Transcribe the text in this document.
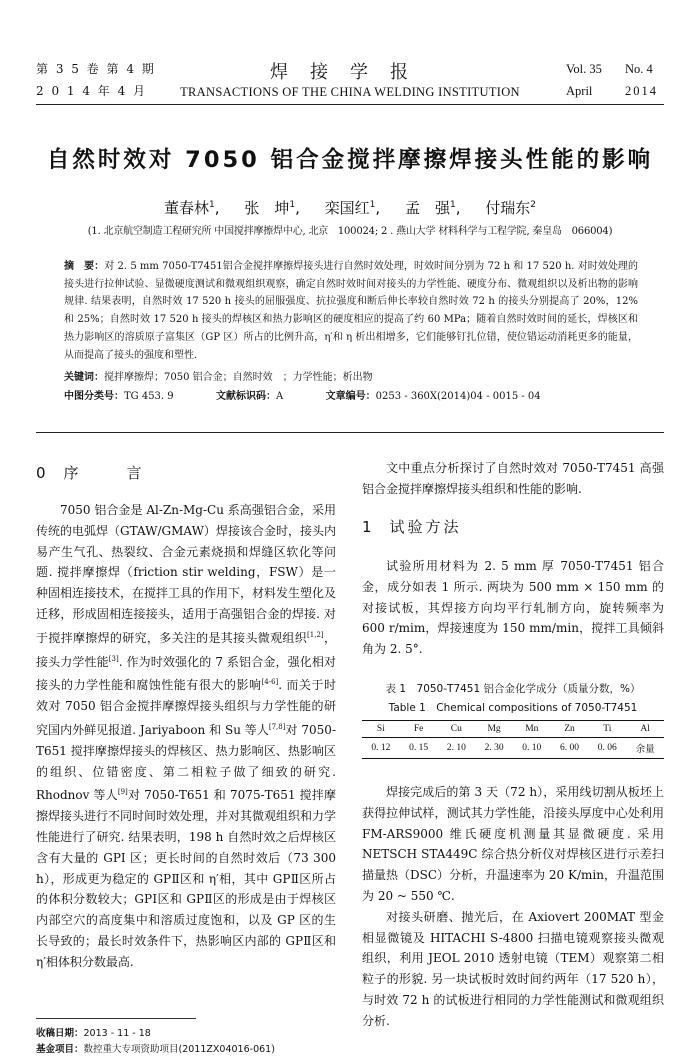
第 3 5 卷 第 4 期
2 0 1 4 年 4 月
焊接学报
TRANSACTIONS OF THE CHINA WELDING INSTITUTION
Vol. 35 No. 4
April	2014
自然时效对 7050 铝合金搅拌摩擦焊接头性能的影响
董春林$^1$, 张　坤$^1$, 栾国红$^1$, 孟　强$^1$, 付瑞东$^2$
(1. 北京航空制造工程研究所 中国搅拌摩擦焊中心, 北京　100024; 2 . 燕山大学 材料科学与工程学院, 秦皇岛　066004)
摘　要：对 2. 5 mm 7050-T7451铝合金搅拌摩擦焊接头进行自然时效处理，时效时间分别为 72 h 和 17 520 h. 对时效处理的接头进行拉伸试验、显微硬度测试和微观组织观察，确定自然时效时间对接头的力学性能、硬度分布、微观组织以及析出物的影响规律. 结果表明，自然时效 17 520 h 接头的屈服强度、抗拉强度和断后伸长率较自然时效 72 h 的接头分别提高了 20%，12% 和 25%；自然时效 17 520 h 接头的焊核区和热力影响区的硬度相应的提高了约 60 MPa；随着自然时效时间的延长，焊核区和热力影响区的溶质原子富集区（GP 区）所占的比例升高，η′和 η 析出相增多，它们能够钉扎位错，使位错运动消耗更多的能量，从而提高了接头的强度和塑性.
关键词：搅拌摩擦焊；7050 铝合金；自然时效　；力学性能；析出物
中图分类号：TG 453. 9	文献标识码：A	文章编号：0253 - 360X(2014)04 - 0015 - 04
0 序　　言

7050 铝合金是 Al-Zn-Mg-Cu 系高强铝合金，采用传统的电弧焊（GTAW/GMAW）焊接该合金时，接头内易产生气孔、热裂纹、合金元素烧损和焊缝区软化等问题. 搅拌摩擦焊（friction stir welding，FSW）是一种固相连接技术，在搅拌工具的作用下，材料发生塑化及迁移，形成固相连接接头，适用于高强铝合金的焊接. 对于搅拌摩擦焊的研究，多关注的是其接头微观组织[1,2]，接头力学性能[3]. 作为时效强化的 7 系铝合金，强化相对接头的力学性能和腐蚀性能有很大的影响[4-6]. 而关于时效对 7050 铝合金搅拌摩擦焊接头组织与力学性能的研究国内外鲜见报道. Jariyaboon 和 Su 等人[7,8]对 7050-T651 搅拌摩擦焊接头的焊核区、热力影响区、热影响区的组织、位错密度、第二相粒子做了细致的研究. Rhodnov 等人[9]对 7050-T651 和 7075-T651 搅拌摩擦焊接头进行不同时间时效处理，并对其微观组织和力学性能进行了研究. 结果表明，198 h 自然时效之后焊核区含有大量的 GPI 区；更长时间的自然时效后（73 300 h），形成更为稳定的 GPⅡ区和 η′相，其中 GPⅡ区所占的体积分数较大；GPⅠ区和 GPⅡ区的形成是由于焊核区内部空穴的高度集中和溶质过度饱和，以及 GP 区的生长导致的；最长时效条件下，热影响区内部的 GPⅡ区和 η′相体积分数最高.

收稿日期：2013 - 11 - 18
基金项目：数控重大专项资助项目(2011ZX04016-061)

文中重点分析探讨了自然时效对 7050-T7451 高强铝合金搅拌摩擦焊接头组织和性能的影响.

1 试验方法

试验所用材料为 2. 5 mm 厚 7050-T7451 铝合金，成分如表 1 所示. 两块为 500 mm × 150 mm 的对接试板，其焊接方向均平行轧制方向，旋转频率为 600 r/mim，焊接速度为 150 mm/min，搅拌工具倾斜角为 2. 5°.

表 1　7050-T7451 铝合金化学成分（质量分数，%）
Table 1　Chemical compositions of 7050-T7451
Si	Fe	Cu	Mg	Mn	Zn	Ti	Al
0. 12	0. 15	2. 10	2. 30	0. 10	6. 00	0. 06	余量

焊接完成后的第 3 天（72 h），采用线切割从板坯上获得拉伸试样，测试其力学性能，沿接头厚度中心处利用 FM-ARS9000 维氏硬度机测量其显微硬度. 采用 NETSCH STA449C 综合热分析仪对焊核区进行示差扫描量热（DSC）分析，升温速率为 20 K/min，升温范围为 20 ~ 550 ℃.

对接头研磨、抛光后，在 Axiovert 200MAT 型金相显微镜及 HITACHI S-4800 扫描电镜观察接头微观组织，利用 JEOL 2010 透射电镜（TEM）观察第二相粒子的形貌. 另一块试板时效时间约两年（17 520 h），与时效 72 h 的试板进行相同的力学性能测试和微观组织分析.
